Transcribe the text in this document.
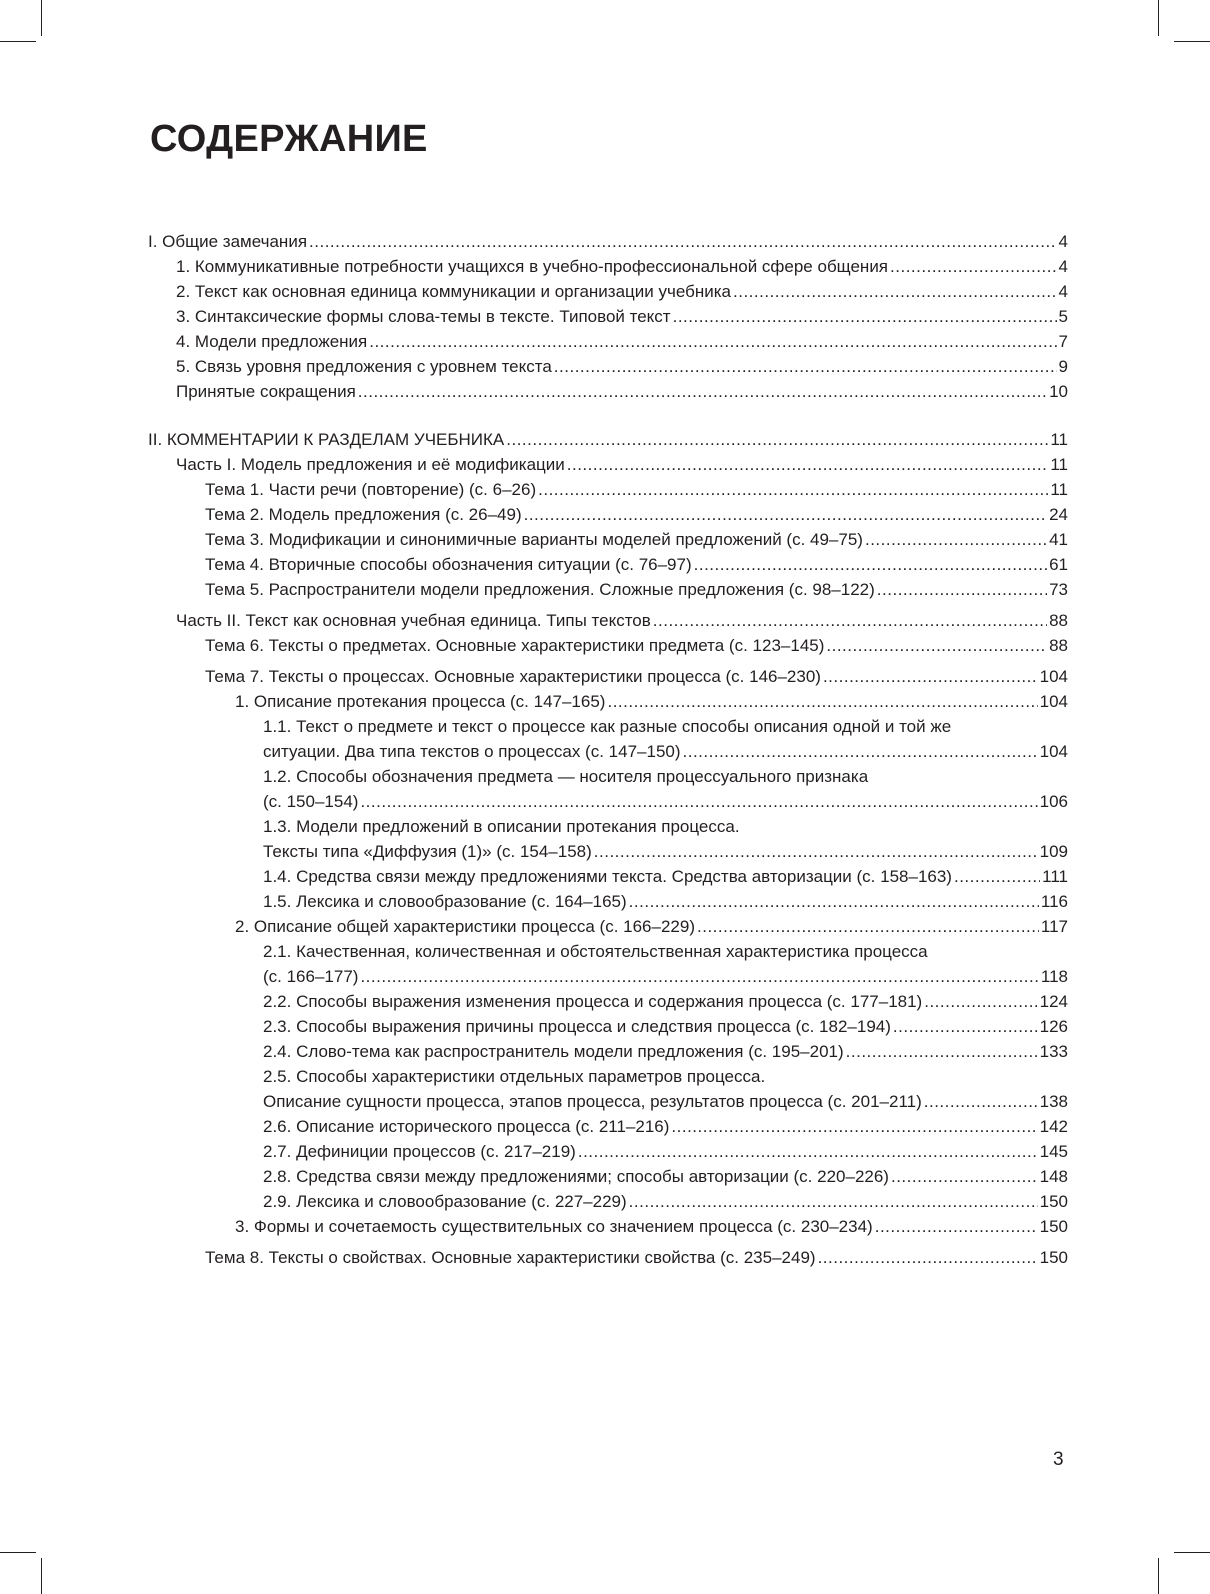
СОДЕРЖАНИЕ
I. Общие замечания .....	4
1. Коммуникативные потребности учащихся в учебно-профессиональной сфере общения .....	4
2. Текст как основная единица коммуникации и организации учебника .....	4
3. Синтаксические формы слова-темы в тексте. Типовой текст .....	5
4. Модели предложения .....	7
5. Связь уровня предложения с уровнем текста .....	9
Принятые сокращения .....	10
II. КОММЕНТАРИИ К РАЗДЕЛАМ УЧЕБНИКА .....	11
Часть I. Модель предложения и её модификации .....	11
Тема 1. Части речи (повторение) (с. 6–26) .....	11
Тема 2. Модель предложения (с. 26–49) .....	24
Тема 3. Модификации и синонимичные варианты моделей предложений (с. 49–75) .....	41
Тема 4. Вторичные способы обозначения ситуации (с. 76–97) .....	61
Тема 5. Распространители модели предложения. Сложные предложения (с. 98–122) .....	73
Часть II. Текст как основная учебная единица. Типы текстов .....	88
Тема 6. Тексты о предметах. Основные характеристики предмета (с. 123–145) .....	88
Тема 7. Тексты о процессах. Основные характеристики процесса (с. 146–230) .....	104
1. Описание протекания процесса (с. 147–165) .....	104
1.1. Текст о предмете и текст о процессе как разные способы описания одной и той же
ситуации. Два типа текстов о процессах (с. 147–150) .....	104
1.2. Способы обозначения предмета — носителя процессуального признака
(с. 150–154) .....	106
1.3. Модели предложений в описании протекания процесса.
Тексты типа «Диффузия (1)» (с. 154–158) .....	109
1.4. Средства связи между предложениями текста. Средства авторизации (с. 158–163) .....	111
1.5. Лексика и словообразование (с. 164–165) .....	116
2. Описание общей характеристики процесса (с. 166–229) .....	117
2.1. Качественная, количественная и обстоятельственная характеристика процесса
(с. 166–177) .....	118
2.2. Способы выражения изменения процесса и содержания процесса (с. 177–181) .....	124
2.3. Способы выражения причины процесса и следствия процесса (с. 182–194) .....	126
2.4. Слово-тема как распространитель модели предложения (с. 195–201) .....	133
2.5. Способы характеристики отдельных параметров процесса.
Описание сущности процесса, этапов процесса, результатов процесса (с. 201–211) .....	138
2.6. Описание исторического процесса (с. 211–216) .....	142
2.7. Дефиниции процессов (с. 217–219) .....	145
2.8. Средства связи между предложениями; способы авторизации (с. 220–226) .....	148
2.9. Лексика и словообразование (с. 227–229) .....	150
3. Формы и сочетаемость существительных со значением процесса (с. 230–234) .....	150
Тема 8. Тексты о свойствах. Основные характеристики свойства (с. 235–249) .....	150
3
